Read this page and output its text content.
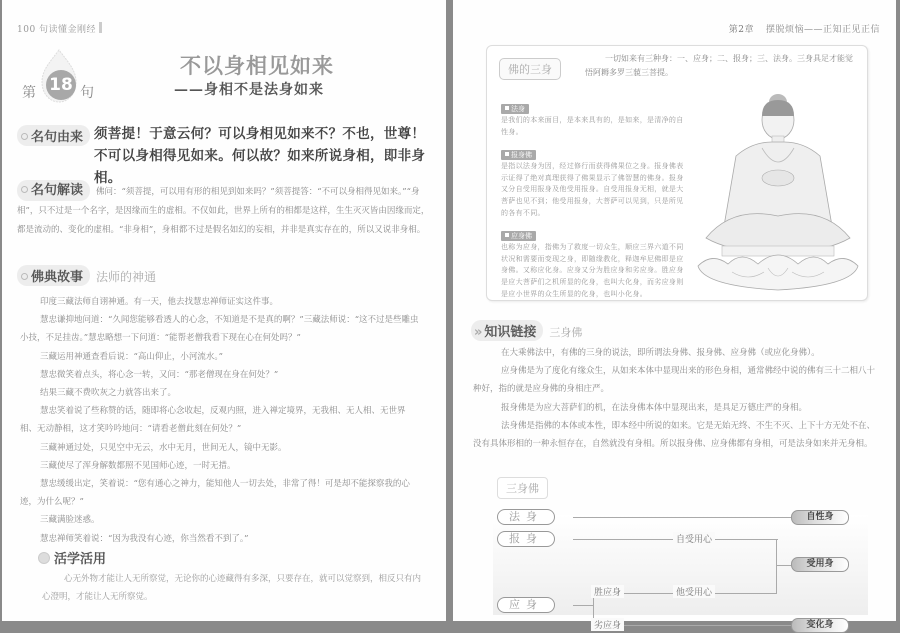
100 句读懂金刚经
第 18 句
不以身相见如来
——身相不是法身如来
名句由来 须菩提！于意云何？可以身相见如来不？不也，世尊！不可以身相得见如来。何以故？如来所说身相，即非身相。
名句解读 佛问：“须菩提，可以用有形的相见到如来吗？”须菩提答：“不可以身相得见如来。”“身相”，只不过是一个名字，是因缘而生的虚相。不仅如此，世界上所有的相都是这样，生生灭灭皆由因缘而定，都是流动的、变化的虚相。“非身相”，身相都不过是假名如幻的妄相，并非是真实存在的，所以又说非身相。
佛典故事 法师的神通

印度三藏法师自诩神通。有一天，他去找慧忠禅师证实这件事。

慧忠谦抑地问道：“久闻您能够看透人的心念，不知道是不是真的啊？”三藏法师说：“这不过是些雕虫小技，不足挂齿。”慧忠略想一下问道：“能帮老僧我看下现在心在何处吗？”

三藏运用神通查看后说：“高山仰止，小河流水。”

慧忠微笑着点头，将心念一转，又问：“那老僧现在身在何处？”

结果三藏不费吹灰之力就答出来了。

慧忠笑着说了些称赞的话，随即将心念收起，反观内照，进入禅定境界，无我相、无人相、无世界相、无动静相，这才笑吟吟地问：“请看老僧此刻在何处？”

三藏神通过处，只见空中无云，水中无月，世间无人，镜中无影。

三藏使尽了浑身解数都照不见国师心迹，一时无措。

慧忠缓缓出定，笑着说：“您有通心之神力，能知他人一切去处，非常了得！可是却不能探察我的心迹，为什么呢？”

三藏满脸迷惑。

慧忠禅师笑着说：“因为我没有心迹，你当然看不到了。”

活学活用
心无外物才能让人无所察觉，无论你的心迹藏得有多深，只要存在，就可以觉察到，相反只有内心澄明，才能让人无所察觉。
第2章 摆脱烦恼——正知正见正信
佛的三身
一切如来有三种身：一、应身；二、报身；三、法身。三身具足才能觉悟阿耨多罗三藐三菩提。
法身

是我们的本来面目，是本来具有的，是如来，是清净的自性身。

报身佛

是指以法身为因，经过修行而获得佛果位之身。报身佛表示证得了绝对真理获得了佛果显示了佛智慧的佛身。报身又分自受用报身及他受用报身。自受用报身无相，就是大菩萨也见不到；他受用报身，大菩萨可以见到，只是所见的各有不同。

应身佛

也称为应身，指佛为了救度一切众生，顺应三界六道不同状况和需要而变现之身，即随缘教化，释迦牟尼佛即是应身佛。又称应化身。应身又分为胜应身和劣应身。胜应身是应大菩萨们之机所显的化身，也叫大化身，而劣应身则是应小世界的众生所显的化身，也叫小化身。

» 知识链接 三身佛

在大乘佛法中，有佛的三身的说法，即所谓法身佛、报身佛、应身佛（或应化身佛）。

应身佛是为了度化有缘众生，从如来本体中显现出来的形色身相，通常佛经中说的佛有三十二相八十种好，指的就是应身佛的身相庄严。

报身佛是为应大菩萨们的机，在法身佛本体中显现出来，是具足万德庄严的身相。

法身佛是指佛的本体或本性，即本经中所说的如来。它是无始无终、不生不灭、上下十方无处不在、没有具体形相的一种永恒存在，自然就没有身相。所以报身佛、应身佛都有身相，可是法身如来并无身相。

三身佛
法身
报身
应身
自受用心
胜应身	他受用心
劣应身
自性身
受用身
变化身
